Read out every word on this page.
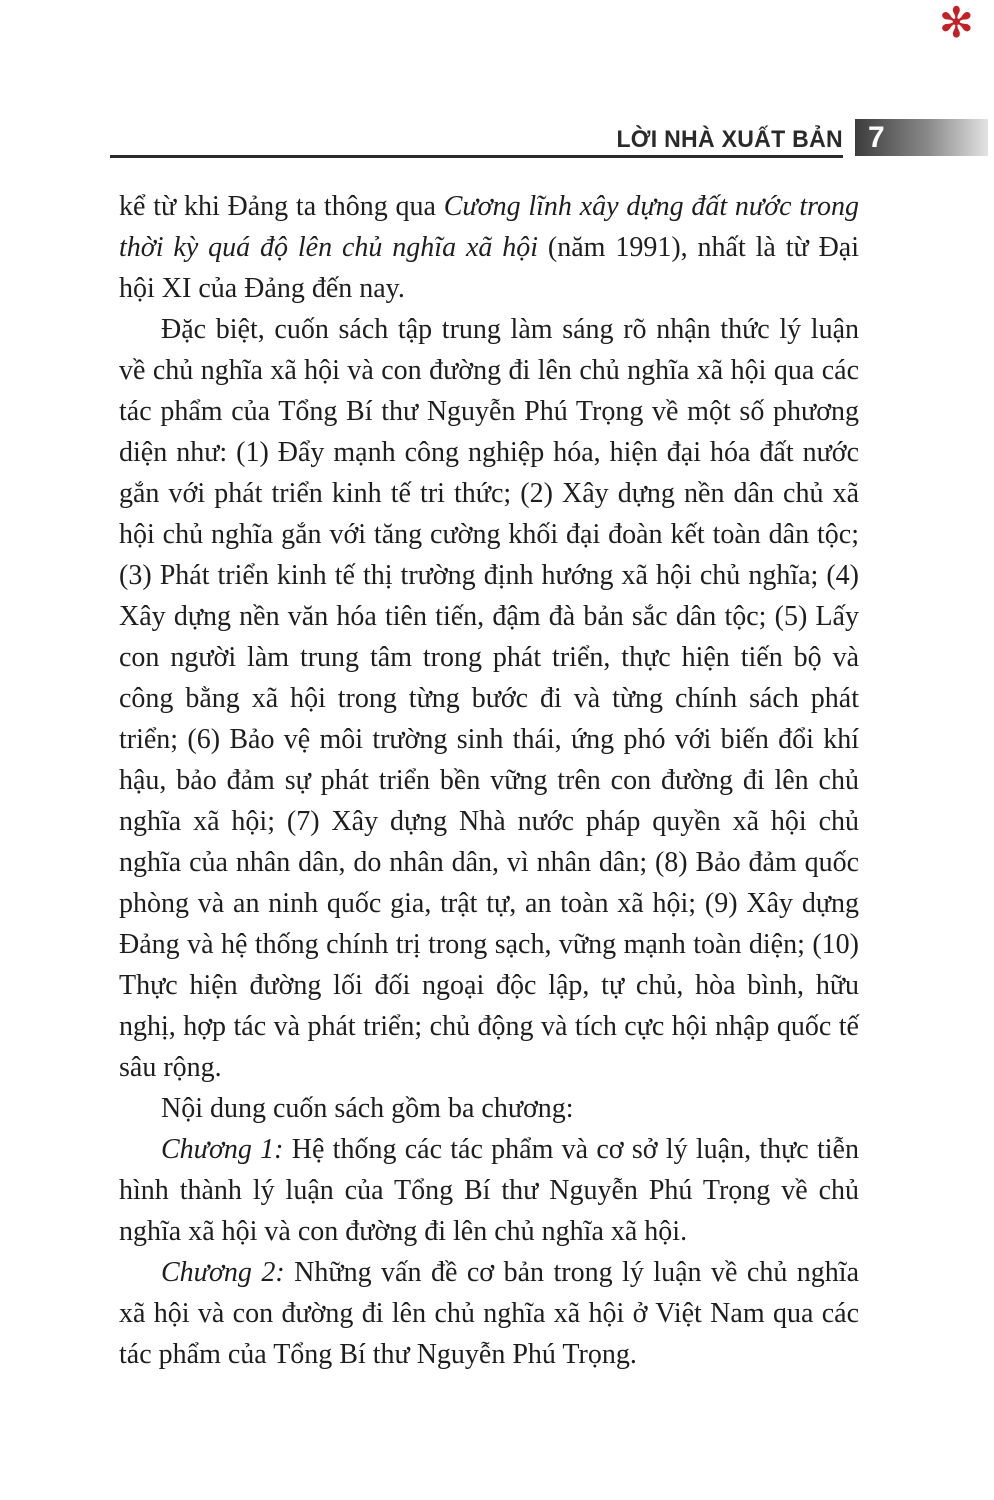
✻
LỜI NHÀ XUẤT BẢN 7

kể từ khi Đảng ta thông qua Cương lĩnh xây dựng đất nước trong thời kỳ quá độ lên chủ nghĩa xã hội (năm 1991), nhất là từ Đại hội XI của Đảng đến nay.

Đặc biệt, cuốn sách tập trung làm sáng rõ nhận thức lý luận về chủ nghĩa xã hội và con đường đi lên chủ nghĩa xã hội qua các tác phẩm của Tổng Bí thư Nguyễn Phú Trọng về một số phương diện như: (1) Đẩy mạnh công nghiệp hóa, hiện đại hóa đất nước gắn với phát triển kinh tế tri thức; (2) Xây dựng nền dân chủ xã hội chủ nghĩa gắn với tăng cường khối đại đoàn kết toàn dân tộc; (3) Phát triển kinh tế thị trường định hướng xã hội chủ nghĩa; (4) Xây dựng nền văn hóa tiên tiến, đậm đà bản sắc dân tộc; (5) Lấy con người làm trung tâm trong phát triển, thực hiện tiến bộ và công bằng xã hội trong từng bước đi và từng chính sách phát triển; (6) Bảo vệ môi trường sinh thái, ứng phó với biến đổi khí hậu, bảo đảm sự phát triển bền vững trên con đường đi lên chủ nghĩa xã hội; (7) Xây dựng Nhà nước pháp quyền xã hội chủ nghĩa của nhân dân, do nhân dân, vì nhân dân; (8) Bảo đảm quốc phòng và an ninh quốc gia, trật tự, an toàn xã hội; (9) Xây dựng Đảng và hệ thống chính trị trong sạch, vững mạnh toàn diện; (10) Thực hiện đường lối đối ngoại độc lập, tự chủ, hòa bình, hữu nghị, hợp tác và phát triển; chủ động và tích cực hội nhập quốc tế sâu rộng.

Nội dung cuốn sách gồm ba chương:

Chương 1: Hệ thống các tác phẩm và cơ sở lý luận, thực tiễn hình thành lý luận của Tổng Bí thư Nguyễn Phú Trọng về chủ nghĩa xã hội và con đường đi lên chủ nghĩa xã hội.

Chương 2: Những vấn đề cơ bản trong lý luận về chủ nghĩa xã hội và con đường đi lên chủ nghĩa xã hội ở Việt Nam qua các tác phẩm của Tổng Bí thư Nguyễn Phú Trọng.
